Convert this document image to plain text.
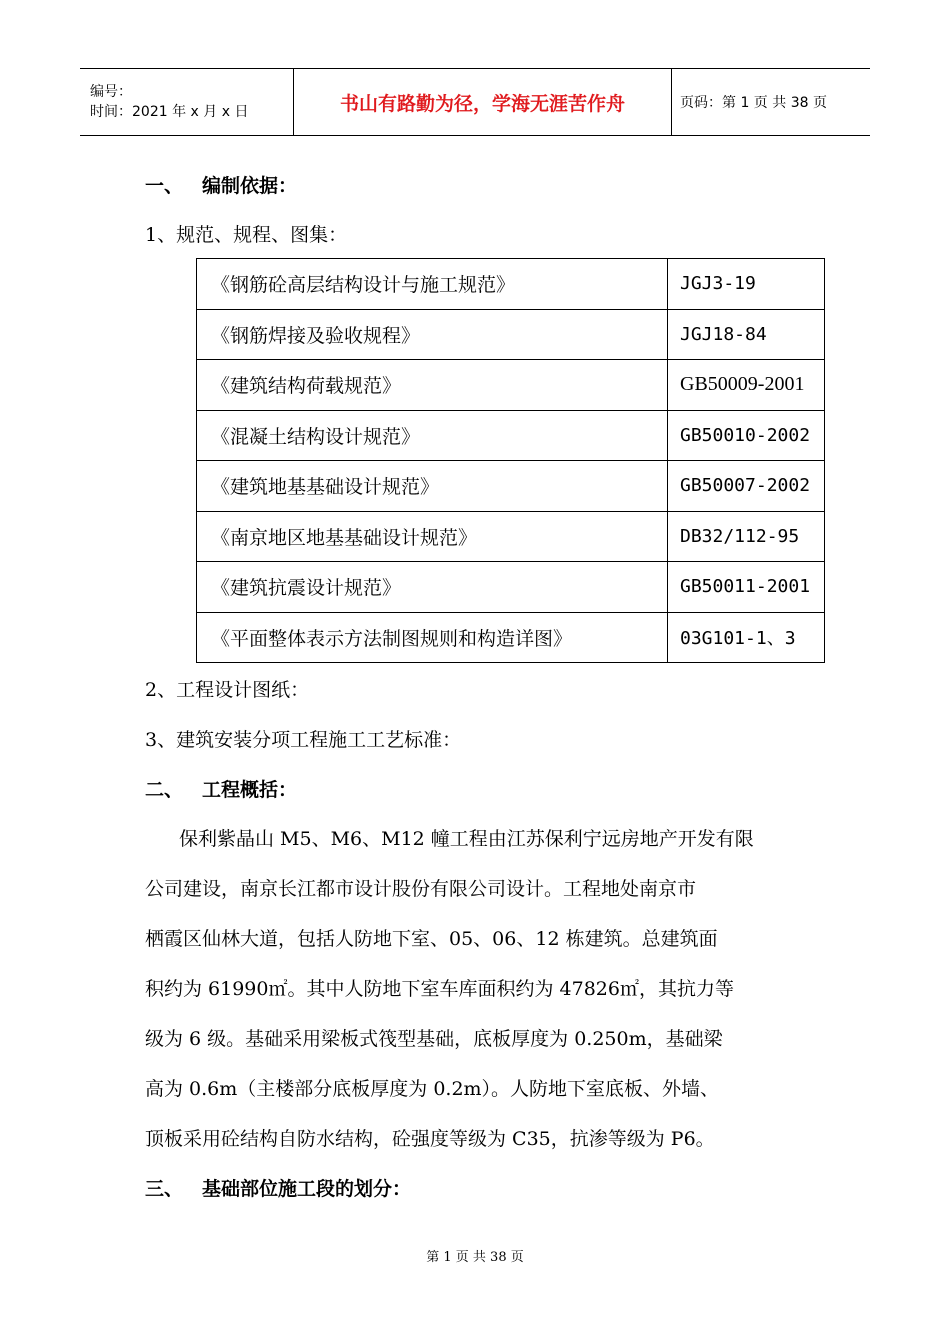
编号：
时间：2021 年 x 月 x 日	书山有路勤为径，学海无涯苦作舟	页码：第 1 页 共 38 页
一、 编制依据：
1、规范、规程、图集：
《钢筋砼高层结构设计与施工规范》	JGJ3-19
《钢筋焊接及验收规程》	JGJ18-84
《建筑结构荷载规范》	GB50009-2001
《混凝土结构设计规范》	GB50010-2002
《建筑地基基础设计规范》	GB50007-2002
《南京地区地基基础设计规范》	DB32/112-95
《建筑抗震设计规范》	GB50011-2001
《平面整体表示方法制图规则和构造详图》	03G101-1、3
2、工程设计图纸：
3、建筑安装分项工程施工工艺标准：
二、 工程概括：
保利紫晶山 M5、M6、M12 幢工程由江苏保利宁远房地产开发有限
公司建设，南京长江都市设计股份有限公司设计。工程地处南京市
栖霞区仙林大道，包括人防地下室、05、06、12 栋建筑。总建筑面
积约为 61990㎡。其中人防地下室车库面积约为 47826㎡，其抗力等
级为 6 级。基础采用梁板式筏型基础，底板厚度为 0.250m，基础梁
高为 0.6m（主楼部分底板厚度为 0.2m）。人防地下室底板、外墙、
顶板采用砼结构自防水结构，砼强度等级为 C35，抗渗等级为 P6。
三、 基础部位施工段的划分：
第 1 页 共 38 页
